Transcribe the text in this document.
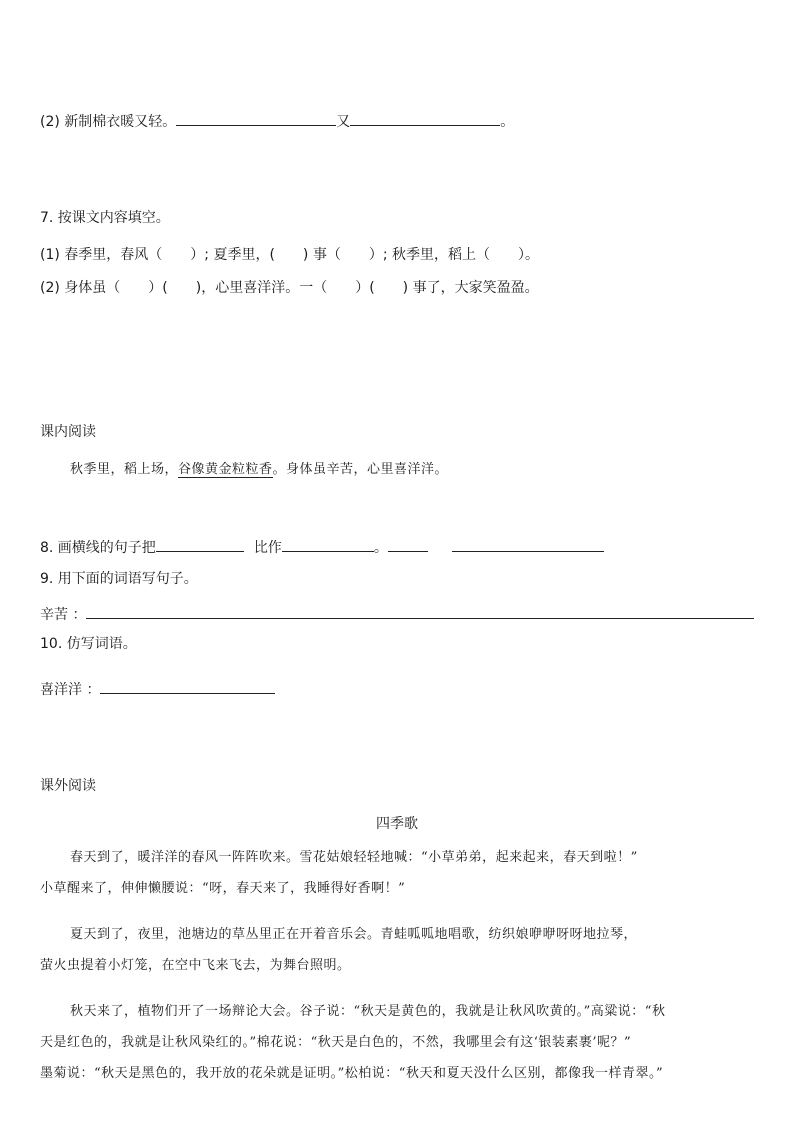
(2) 新制棉衣暖又轻。	又	。
7. 按课文内容填空。
(1) 春季里，春风（　　）; 夏季里，(　　) 事（　　）; 秋季里，稻上（　　）。
(2) 身体虽（　　）(　　)，心里喜洋洋。一（　　）(　　) 事了，大家笑盈盈。
课内阅读
秋季里，稻上场，谷像黄金粒粒香。身体虽辛苦，心里喜洋洋。
8. 画横线的句子把	比作	。
9. 用下面的词语写句子。
辛苦 ：
10. 仿写词语。
喜洋洋 ：
课外阅读
四季歌
春天到了，暖洋洋的春风一阵阵吹来。雪花姑娘轻轻地喊：“小草弟弟，起来起来，春天到啦！”
小草醒来了，伸伸懒腰说：“呀，春天来了，我睡得好香啊！”
夏天到了，夜里，池塘边的草丛里正在开着音乐会。青蛙呱呱地唱歌，纺织娘咿咿呀呀地拉琴，
萤火虫提着小灯笼，在空中飞来飞去，为舞台照明。
秋天来了，植物们开了一场辩论大会。谷子说：“秋天是黄色的，我就是让秋风吹黄的。”高粱说：“秋
天是红色的，我就是让秋风染红的。”棉花说：“秋天是白色的，不然，我哪里会有这‘银装素裹’呢？”
墨菊说：“秋天是黑色的，我开放的花朵就是证明。”松柏说：“秋天和夏天没什么区别，都像我一样青翠。”
